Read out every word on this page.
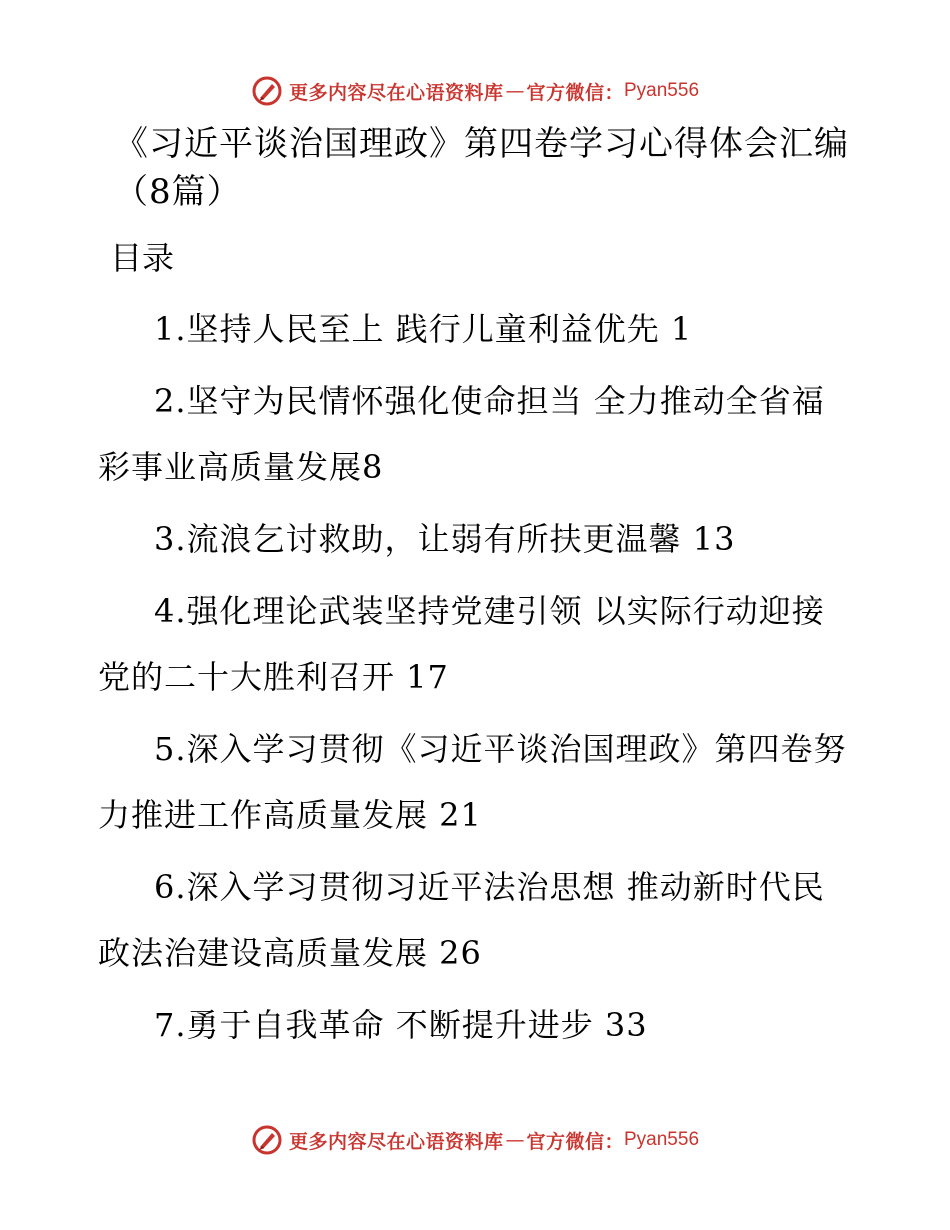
更多内容尽在心语资料库 — 官方微信： Pyan556
《习近平谈治国理政》第四卷学习心得体会汇编（8篇）
目录
1.坚持人民至上 践行儿童利益优先 1
2.坚守为民情怀强化使命担当 全力推动全省福彩事业高质量发展8
3.流浪乞讨救助，让弱有所扶更温馨 13
4.强化理论武装坚持党建引领 以实际行动迎接党的二十大胜利召开 17
5.深入学习贯彻《习近平谈治国理政》第四卷努力推进工作高质量发展 21
6.深入学习贯彻习近平法治思想 推动新时代民政法治建设高质量发展 26
7.勇于自我革命 不断提升进步 33
更多内容尽在心语资料库 — 官方微信： Pyan556
